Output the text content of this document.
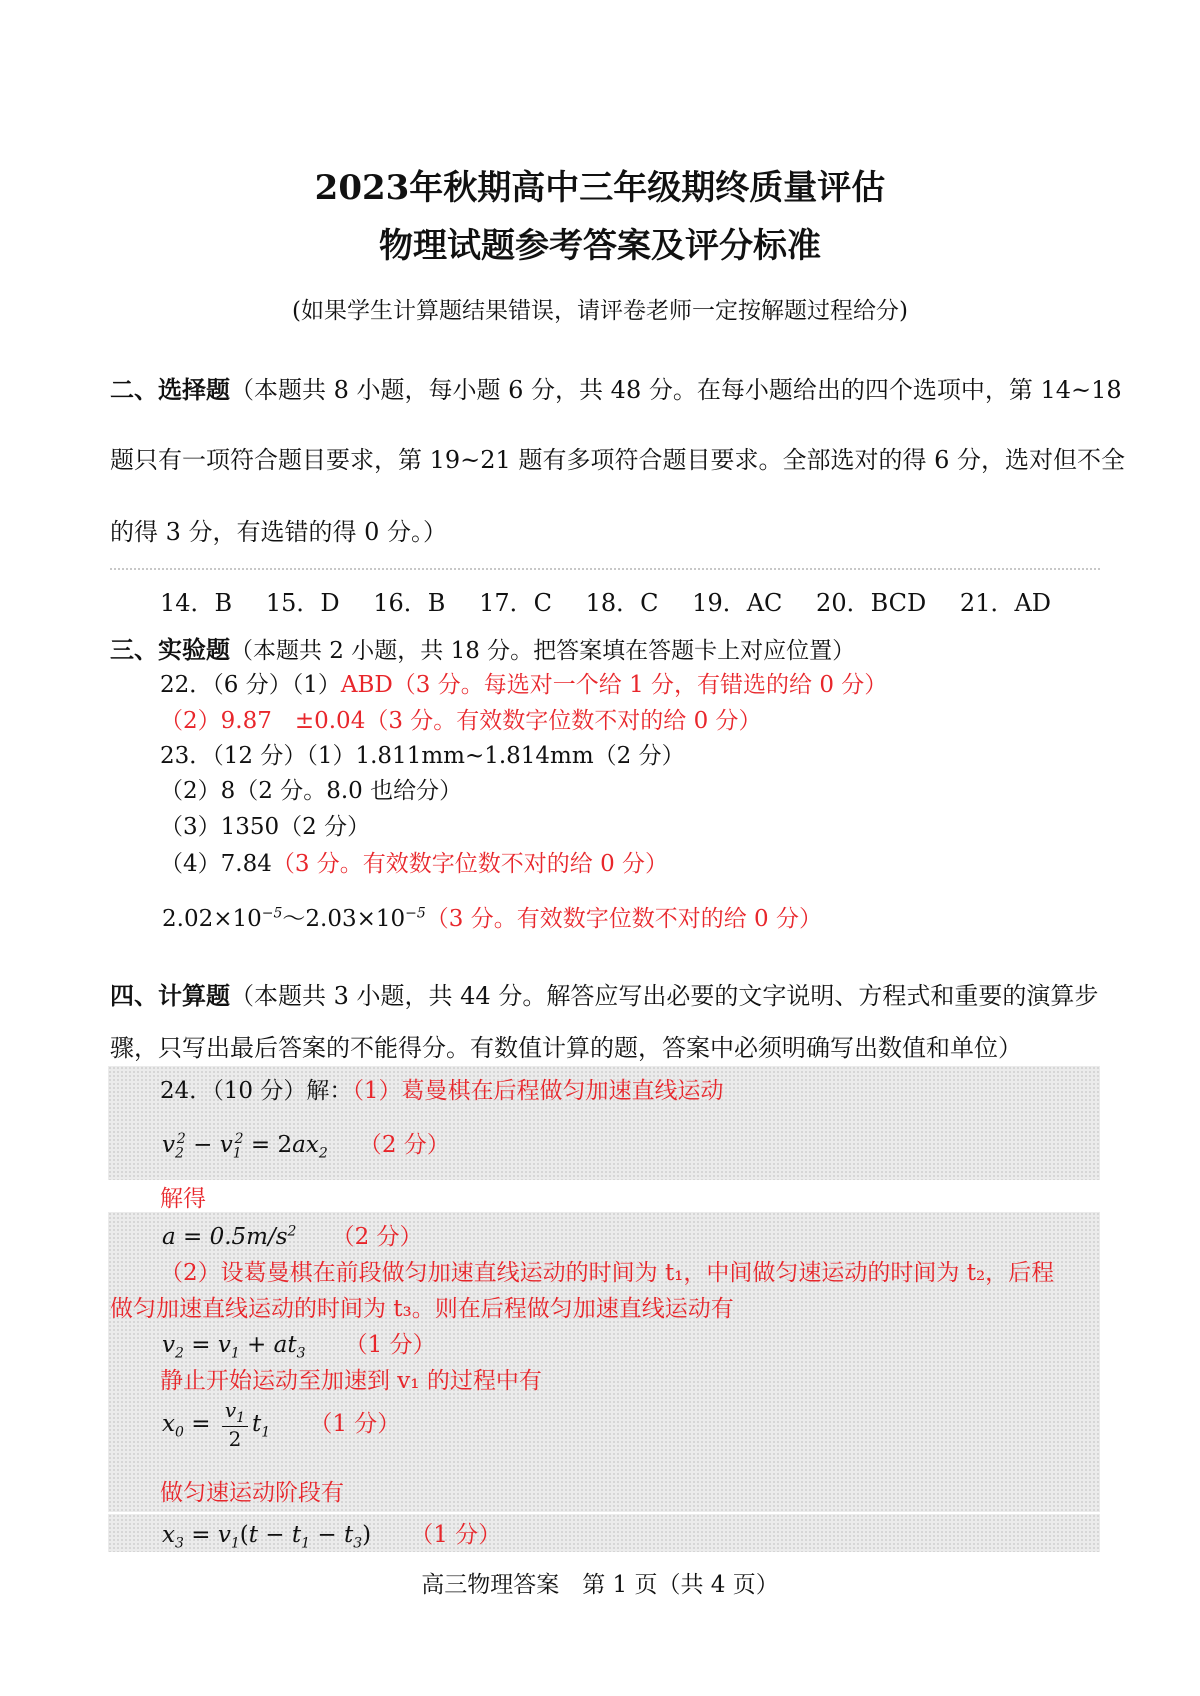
2023年秋期高中三年级期终质量评估
物理试题参考答案及评分标准
(如果学生计算题结果错误，请评卷老师一定按解题过程给分)
二、选择题（本题共 8 小题，每小题 6 分，共 48 分。在每小题给出的四个选项中，第 14~18
题只有一项符合题目要求，第 19~21 题有多项符合题目要求。全部选对的得 6 分，选对但不全
的得 3 分，有选错的得 0 分。）
14．B 15．D 16．B 17．C 18．C 19．AC 20．BCD 21．AD
三、实验题（本题共 2 小题，共 18 分。把答案填在答题卡上对应位置）
22．（6 分）（1）ABD（3 分。每选对一个给 1 分，有错选的给 0 分）
（2）9.87　±0.04（3 分。有效数字位数不对的给 0 分）
23．（12 分）（1）1.811mm~1.814mm（2 分）
（2）8（2 分。8.0 也给分）
（3）1350（2 分）
（4）7.84（3 分。有效数字位数不对的给 0 分）
$2.02\times 10^{-5}\sim 2.03\times 10^{-5}(3$ 分。有效数字位数不对的给 0 分）
四、计算题（本题共 3 小题，共 44 分。解答应写出必要的文字说明、方程式和重要的演算步
骤，只写出最后答案的不能得分。有数值计算的题，答案中必须明确写出数值和单位）
24．（10 分）解：（1）葛曼棋在后程做匀加速直线运动
$v_2^2 - v_1^2 = 2ax_2$ （2 分）
解得
$a = 0.5m/s^2$ （2 分）
（2）设葛曼棋在前段做匀加速直线运动的时间为 t₁，中间做匀速运动的时间为 t₂，后程
做匀加速直线运动的时间为 t₃。则在后程做匀加速直线运动有
$v_2 = v_1 + at_3$ （1 分）
静止开始运动至加速到 v₁ 的过程中有
$x_0 = \frac{v_1}{2} t_1$ （1 分）
做匀速运动阶段有
$x_3 = v_1(t - t_1 - t_3)$ （1 分）
高三物理答案　第 1 页（共 4 页）
